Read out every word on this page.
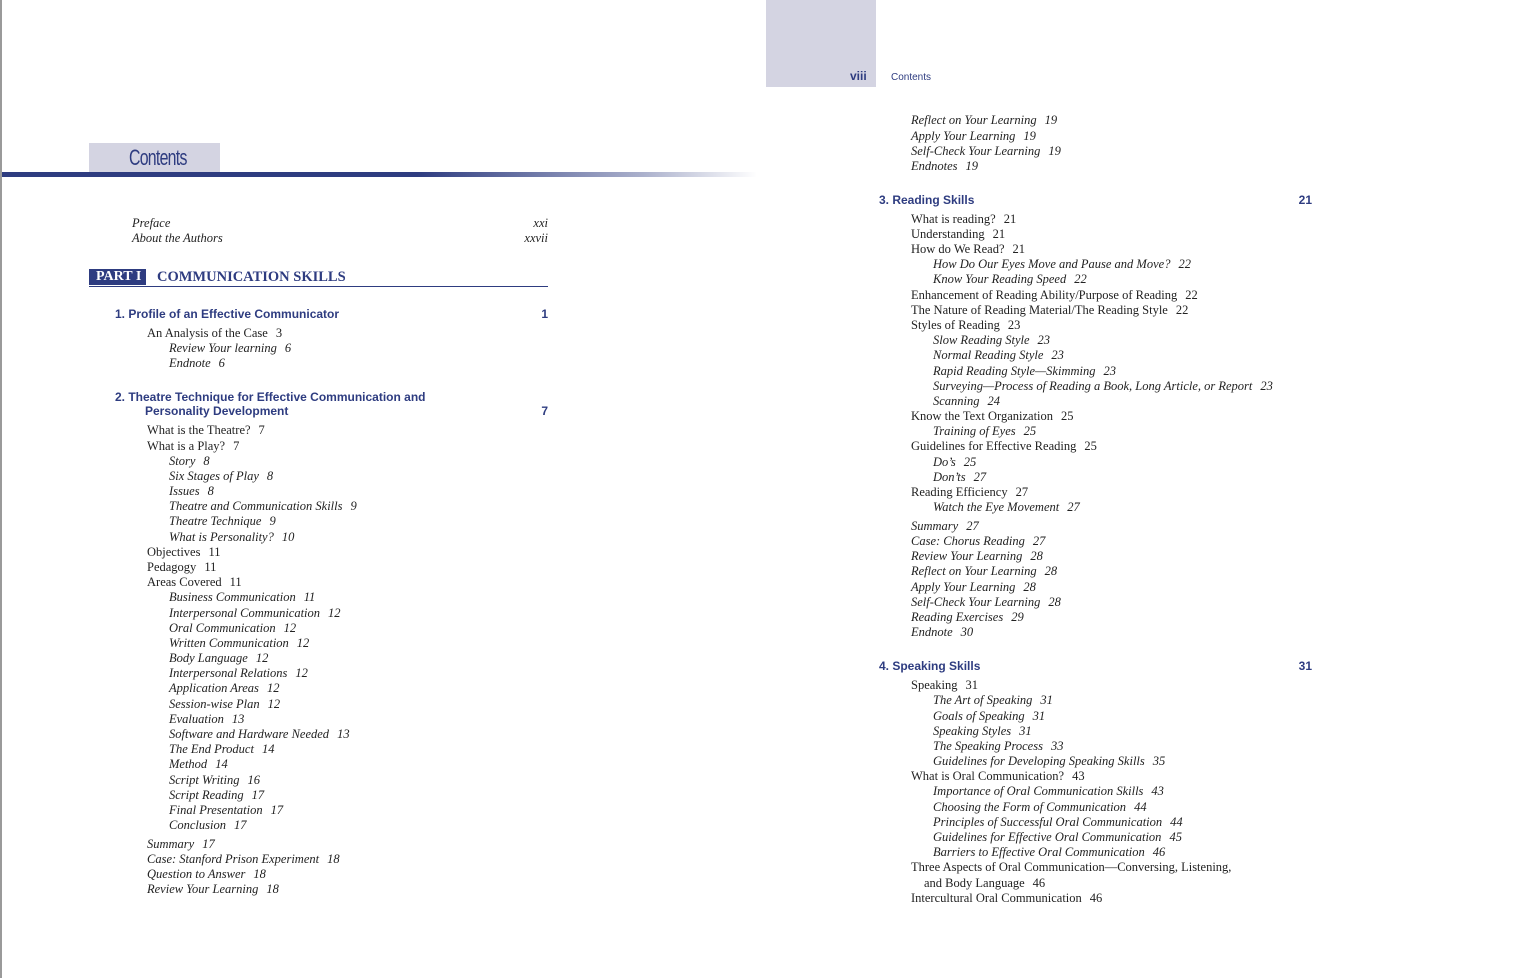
Contents
Preface	xxi
About the Authors	xxvii
PART I	COMMUNICATION SKILLS
1. Profile of an Effective Communicator	1
An Analysis of the Case 3
Review Your learning 6
Endnote 6
2. Theatre Technique for Effective Communication and
Personality Development	7
What is the Theatre? 7
What is a Play? 7
Story 8
Six Stages of Play 8
Issues 8
Theatre and Communication Skills 9
Theatre Technique 9
What is Personality? 10
Objectives 11
Pedagogy 11
Areas Covered 11
Business Communication 11
Interpersonal Communication 12
Oral Communication 12
Written Communication 12
Body Language 12
Interpersonal Relations 12
Application Areas 12
Session-wise Plan 12
Evaluation 13
Software and Hardware Needed 13
The End Product 14
Method 14
Script Writing 16
Script Reading 17
Final Presentation 17
Conclusion 17
Summary 17
Case: Stanford Prison Experiment 18
Question to Answer 18
Review Your Learning 18
viii Contents
Reflect on Your Learning 19
Apply Your Learning 19
Self-Check Your Learning 19
Endnotes 19
3. Reading Skills	21
What is reading? 21
Understanding 21
How do We Read? 21
How Do Our Eyes Move and Pause and Move? 22
Know Your Reading Speed 22
Enhancement of Reading Ability/Purpose of Reading 22
The Nature of Reading Material/The Reading Style 22
Styles of Reading 23
Slow Reading Style 23
Normal Reading Style 23
Rapid Reading Style—Skimming 23
Surveying—Process of Reading a Book, Long Article, or Report 23
Scanning 24
Know the Text Organization 25
Training of Eyes 25
Guidelines for Effective Reading 25
Do’s 25
Don’ts 27
Reading Efficiency 27
Watch the Eye Movement 27
Summary 27
Case: Chorus Reading 27
Review Your Learning 28
Reflect on Your Learning 28
Apply Your Learning 28
Self-Check Your Learning 28
Reading Exercises 29
Endnote 30
4. Speaking Skills	31
Speaking 31
The Art of Speaking 31
Goals of Speaking 31
Speaking Styles 31
The Speaking Process 33
Guidelines for Developing Speaking Skills 35
What is Oral Communication? 43
Importance of Oral Communication Skills 43
Choosing the Form of Communication 44
Principles of Successful Oral Communication 44
Guidelines for Effective Oral Communication 45
Barriers to Effective Oral Communication 46
Three Aspects of Oral Communication—Conversing, Listening,
and Body Language 46
Intercultural Oral Communication 46
